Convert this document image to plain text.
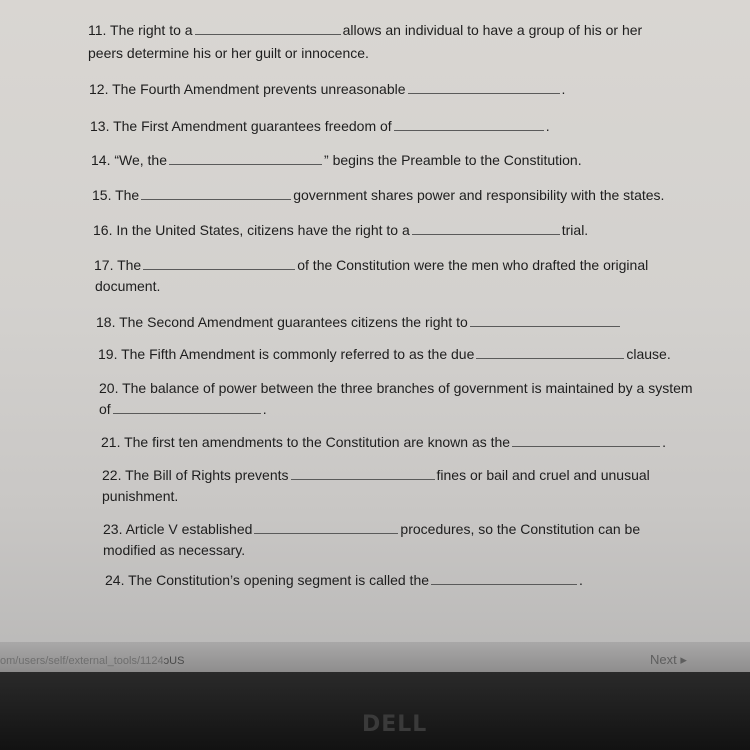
11. The right to a	allows an individual to have a group of his or her
peers determine his or her guilt or innocence.
12. The Fourth Amendment prevents unreasonable	.
13. The First Amendment guarantees freedom of	.
14. “We, the	” begins the Preamble to the Constitution.
15. The	government shares power and responsibility with the states.
16. In the United States, citizens have the right to a	trial.
17. The	of the Constitution were the men who drafted the original
document.
18. The Second Amendment guarantees citizens the right to
19. The Fifth Amendment is commonly referred to as the due	clause.
20. The balance of power between the three branches of government is maintained by a system
of	.
21. The first ten amendments to the Constitution are known as the	.
22. The Bill of Rights prevents	fines or bail and cruel and unusual
punishment.
23. Article V established	procedures, so the Constitution can be
modified as necessary.
24. The Constitution’s opening segment is called the	.
om/users/self/external_tools/1124ɔUS	Next ▸
DELL
